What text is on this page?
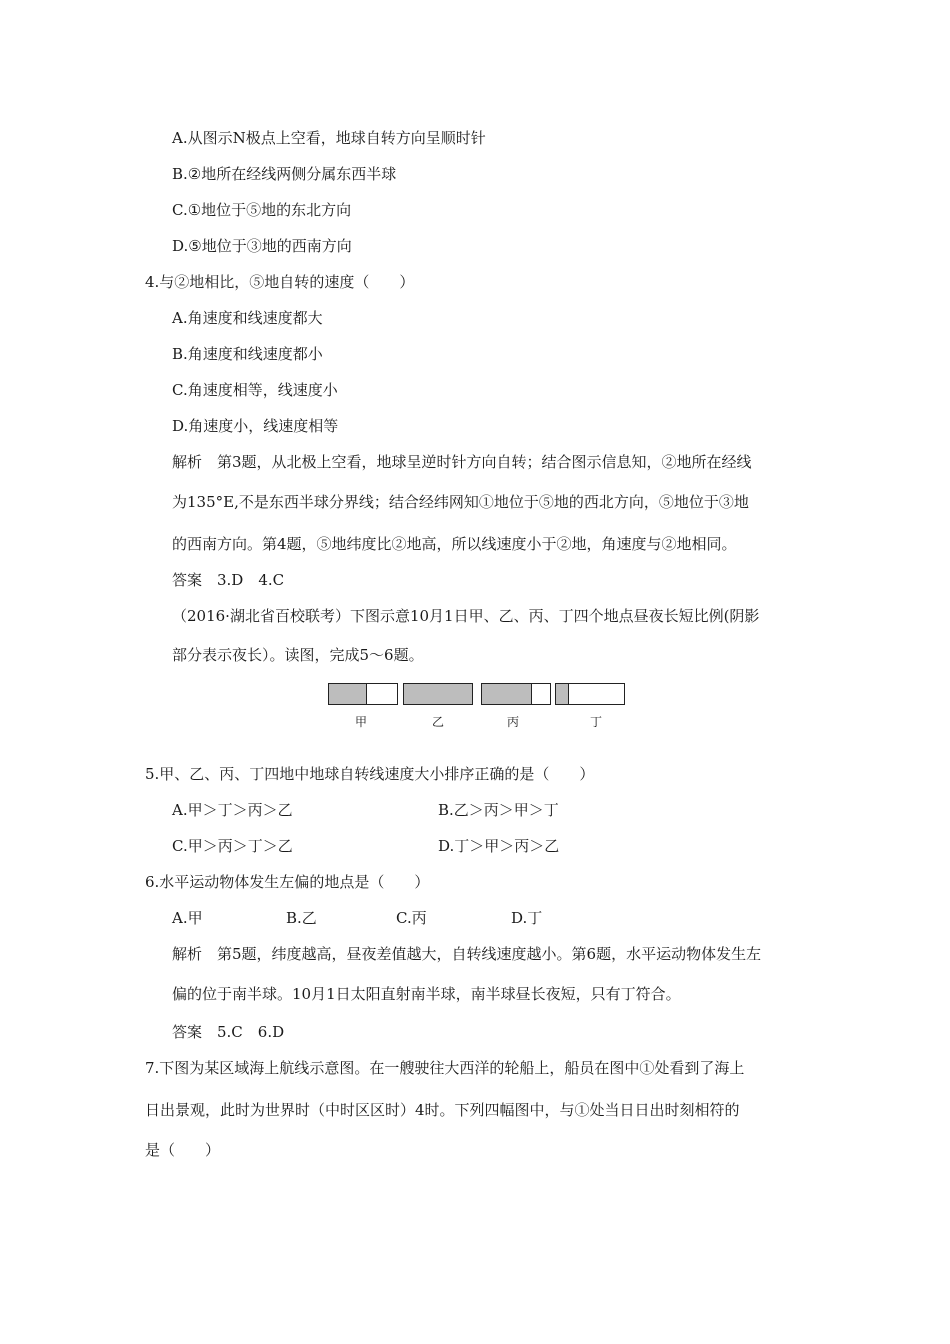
A.从图示N极点上空看，地球自转方向呈顺时针
B.②地所在经线两侧分属东西半球
C.①地位于⑤地的东北方向
D.⑤地位于③地的西南方向
4.与②地相比，⑤地自转的速度（　　）
A.角速度和线速度都大
B.角速度和线速度都小
C.角速度相等，线速度小
D.角速度小，线速度相等
解析　第3题，从北极上空看，地球呈逆时针方向自转；结合图示信息知，②地所在经线
为135°E,不是东西半球分界线；结合经纬网知①地位于⑤地的西北方向，⑤地位于③地
的西南方向。第4题，⑤地纬度比②地高，所以线速度小于②地，角速度与②地相同。
答案　3.D　4.C
（2016·湖北省百校联考）下图示意10月1日甲、乙、丙、丁四个地点昼夜长短比例(阴影
部分表示夜长）。读图，完成5～6题。
甲	乙	丙	丁
5.甲、乙、丙、丁四地中地球自转线速度大小排序正确的是（　　）
A.甲＞丁＞丙＞乙	B.乙＞丙＞甲＞丁
C.甲＞丙＞丁＞乙	D.丁＞甲＞丙＞乙
6.水平运动物体发生左偏的地点是（　　）
A.甲	B.乙	C.丙	D.丁
解析　第5题，纬度越高，昼夜差值越大，自转线速度越小。第6题，水平运动物体发生左
偏的位于南半球。10月1日太阳直射南半球，南半球昼长夜短，只有丁符合。
答案　5.C　6.D
7.下图为某区域海上航线示意图。在一艘驶往大西洋的轮船上，船员在图中①处看到了海上
日出景观，此时为世界时（中时区区时）4时。下列四幅图中，与①处当日日出时刻相符的
是（　　）
